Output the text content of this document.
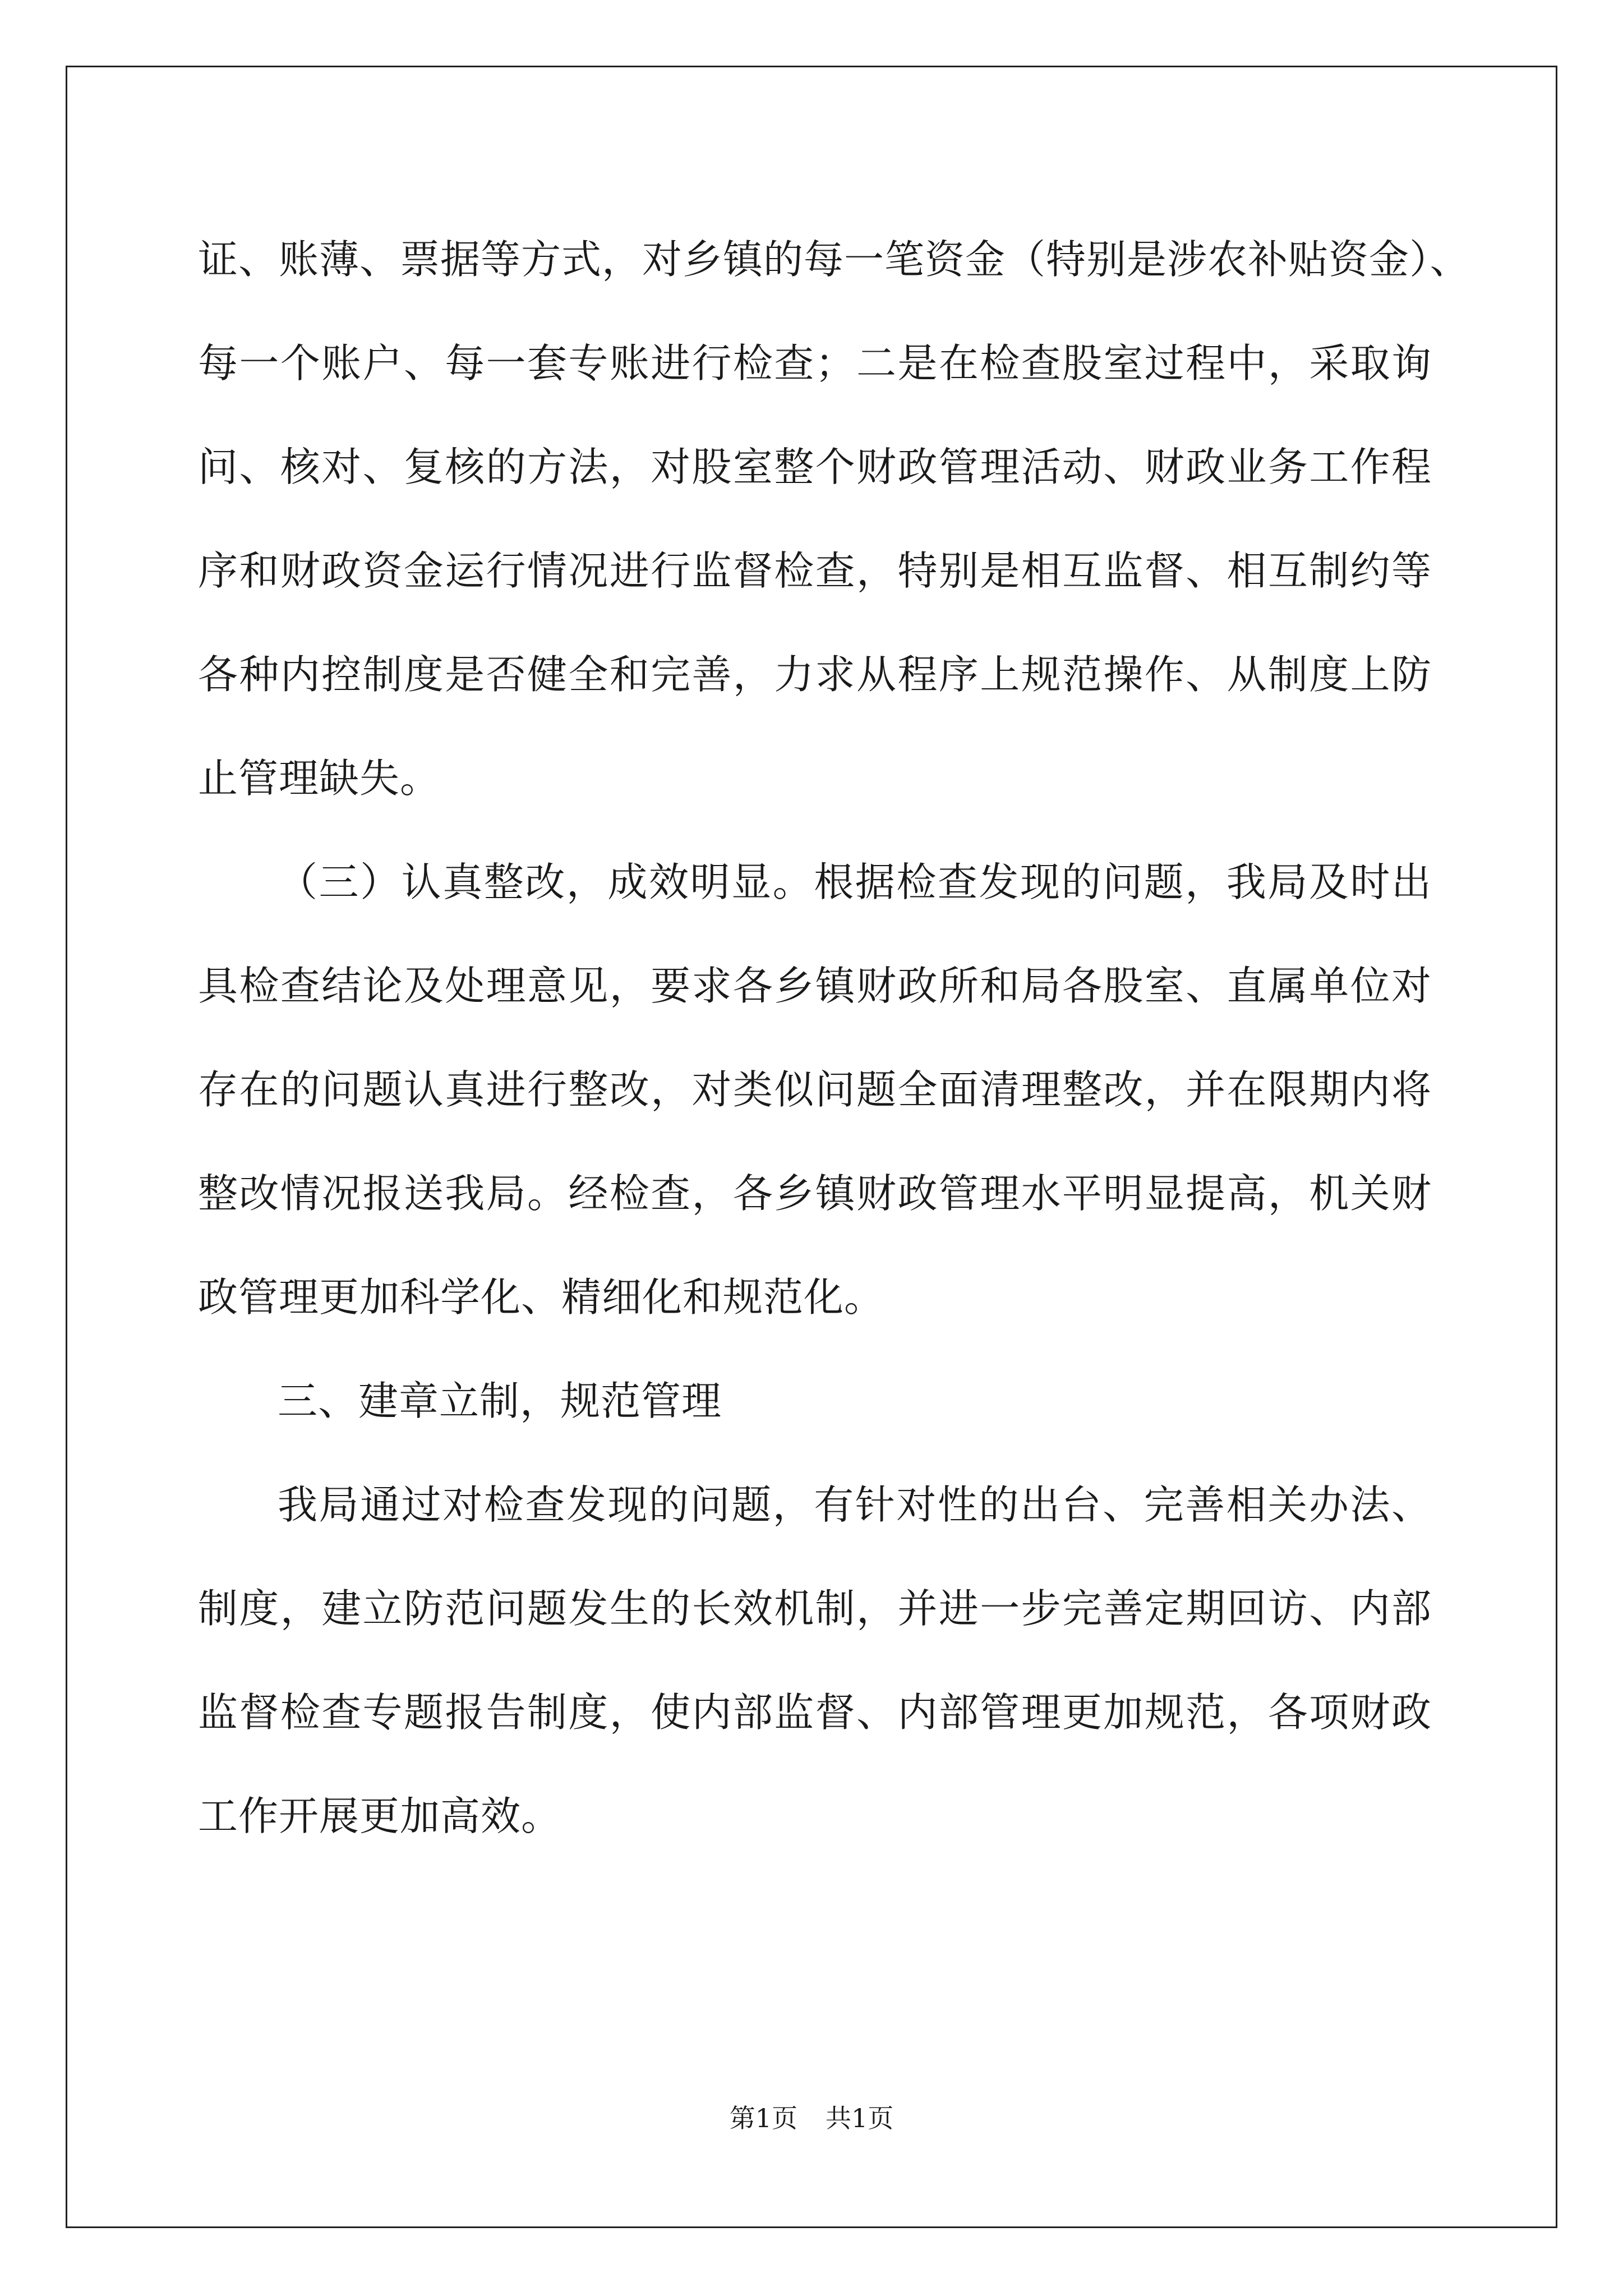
证、账薄、票据等方式，对乡镇的每一笔资金（特别是涉农补贴资金）、
每一个账户、每一套专账进行检查；二是在检查股室过程中，采取询
问、核对、复核的方法，对股室整个财政管理活动、财政业务工作程
序和财政资金运行情况进行监督检查，特别是相互监督、相互制约等
各种内控制度是否健全和完善，力求从程序上规范操作、从制度上防
止管理缺失。

（三）认真整改，成效明显。根据检查发现的问题，我局及时出
具检查结论及处理意见，要求各乡镇财政所和局各股室、直属单位对
存在的问题认真进行整改，对类似问题全面清理整改，并在限期内将
整改情况报送我局。经检查，各乡镇财政管理水平明显提高，机关财
政管理更加科学化、精细化和规范化。

三、建章立制，规范管理

我局通过对检查发现的问题，有针对性的出台、完善相关办法、
制度，建立防范问题发生的长效机制，并进一步完善定期回访、内部
监督检查专题报告制度，使内部监督、内部管理更加规范，各项财政
工作开展更加高效。

第1页 共1页
